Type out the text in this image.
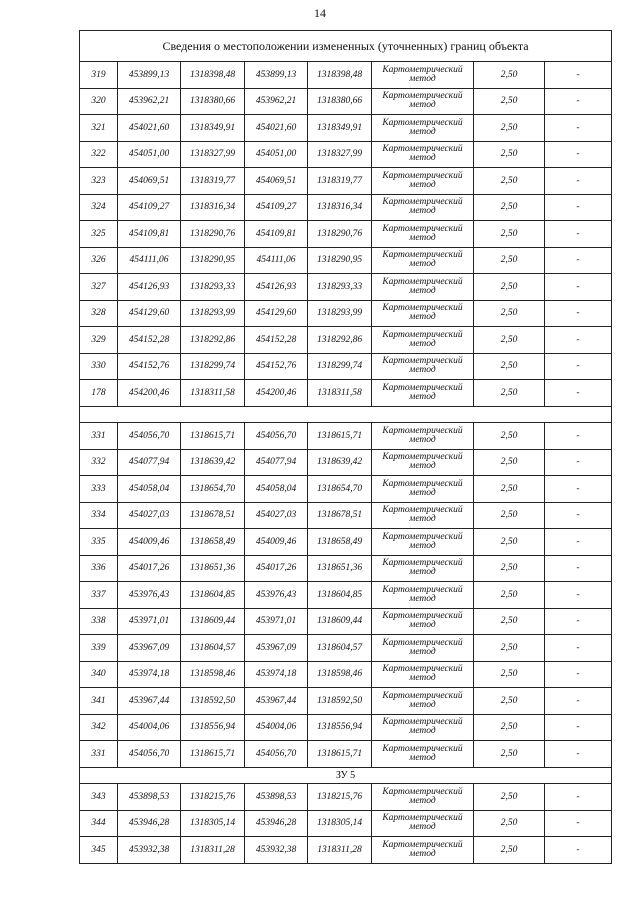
14
Сведения о местоположении измененных (уточненных) границ объекта							
319	453899,13	1318398,48	453899,13	1318398,48	Картометрический
метод	2,50	-
320	453962,21	1318380,66	453962,21	1318380,66	Картометрический
метод	2,50	-
321	454021,60	1318349,91	454021,60	1318349,91	Картометрический
метод	2,50	-
322	454051,00	1318327,99	454051,00	1318327,99	Картометрический
метод	2,50	-
323	454069,51	1318319,77	454069,51	1318319,77	Картометрический
метод	2,50	-
324	454109,27	1318316,34	454109,27	1318316,34	Картометрический
метод	2,50	-
325	454109,81	1318290,76	454109,81	1318290,76	Картометрический
метод	2,50	-
326	454111,06	1318290,95	454111,06	1318290,95	Картометрический
метод	2,50	-
327	454126,93	1318293,33	454126,93	1318293,33	Картометрический
метод	2,50	-
328	454129,60	1318293,99	454129,60	1318293,99	Картометрический
метод	2,50	-
329	454152,28	1318292,86	454152,28	1318292,86	Картометрический
метод	2,50	-
330	454152,76	1318299,74	454152,76	1318299,74	Картометрический
метод	2,50	-
178	454200,46	1318311,58	454200,46	1318311,58	Картометрический
метод	2,50	-

331	454056,70	1318615,71	454056,70	1318615,71	Картометрический
метод	2,50	-
332	454077,94	1318639,42	454077,94	1318639,42	Картометрический
метод	2,50	-
333	454058,04	1318654,70	454058,04	1318654,70	Картометрический
метод	2,50	-
334	454027,03	1318678,51	454027,03	1318678,51	Картометрический
метод	2,50	-
335	454009,46	1318658,49	454009,46	1318658,49	Картометрический
метод	2,50	-
336	454017,26	1318651,36	454017,26	1318651,36	Картометрический
метод	2,50	-
337	453976,43	1318604,85	453976,43	1318604,85	Картометрический
метод	2,50	-
338	453971,01	1318609,44	453971,01	1318609,44	Картометрический
метод	2,50	-
339	453967,09	1318604,57	453967,09	1318604,57	Картометрический
метод	2,50	-
340	453974,18	1318598,46	453974,18	1318598,46	Картометрический
метод	2,50	-
341	453967,44	1318592,50	453967,44	1318592,50	Картометрический
метод	2,50	-
342	454004,06	1318556,94	454004,06	1318556,94	Картометрический
метод	2,50	-
331	454056,70	1318615,71	454056,70	1318615,71	Картометрический
метод	2,50	-
ЗУ 5							
343	453898,53	1318215,76	453898,53	1318215,76	Картометрический
метод	2,50	-
344	453946,28	1318305,14	453946,28	1318305,14	Картометрический
метод	2,50	-
345	453932,38	1318311,28	453932,38	1318311,28	Картометрический
метод	2,50	-
